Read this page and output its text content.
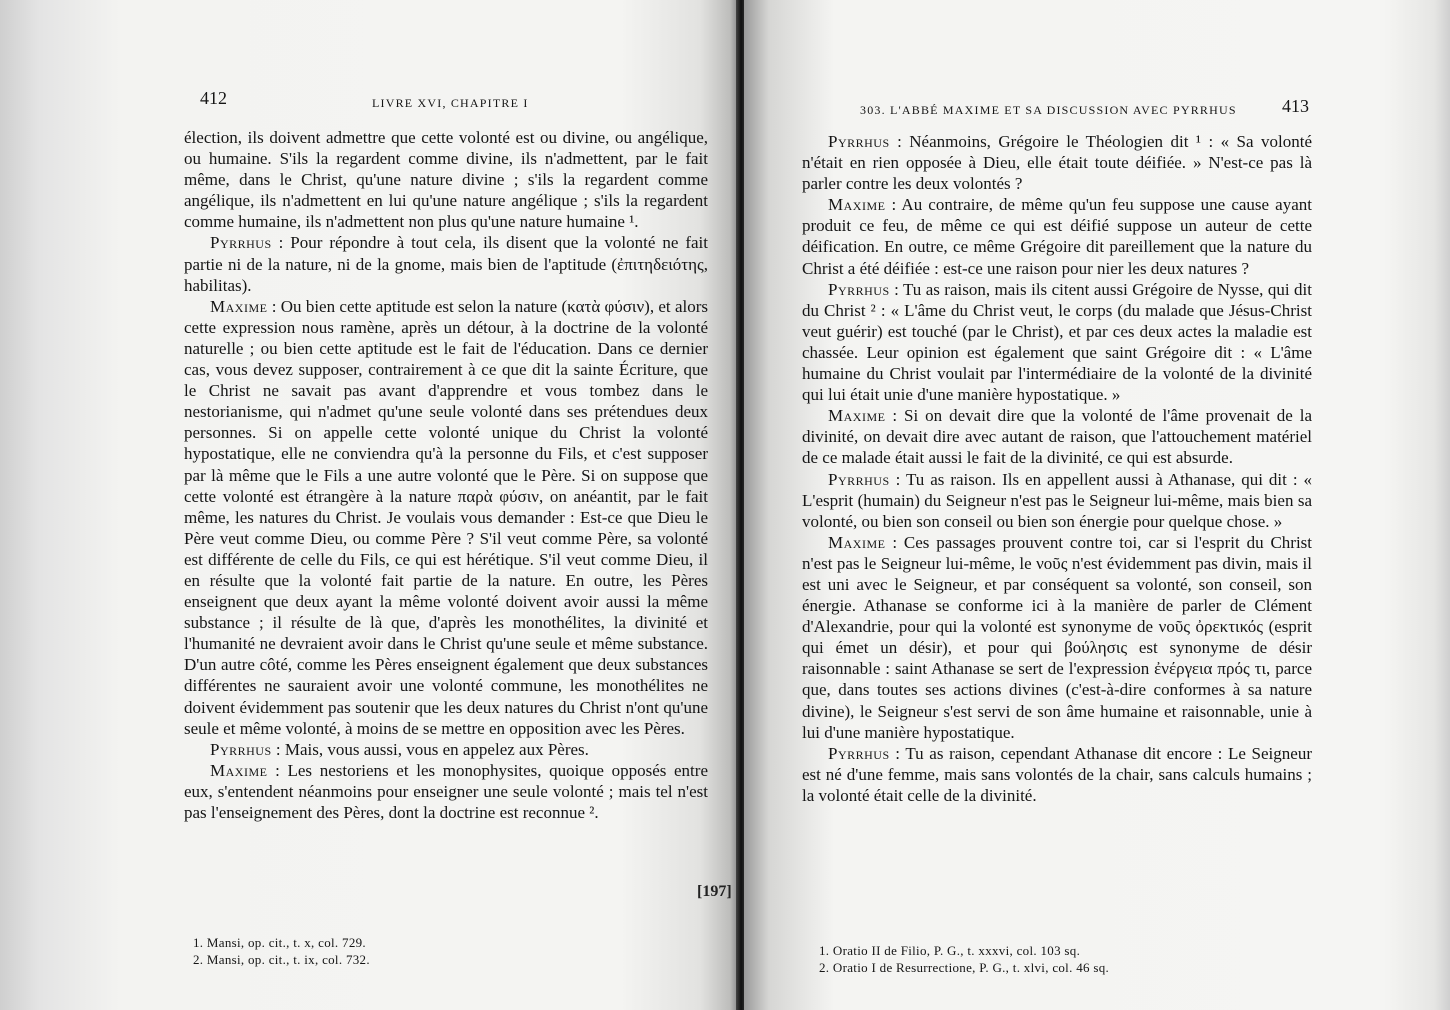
412	LIVRE XVI, CHAPITRE I

élection, ils doivent admettre que cette volonté est ou divine, ou angélique, ou humaine. S'ils la regardent comme divine, ils n'admettent, par le fait même, dans le Christ, qu'une nature divine ; s'ils la regardent comme angélique, ils n'admettent en lui qu'une nature angélique ; s'ils la regardent comme humaine, ils n'admettent non plus qu'une nature humaine ¹.

Pyrrhus : Pour répondre à tout cela, ils disent que la volonté ne fait partie ni de la nature, ni de la gnome, mais bien de l'aptitude (ἐπιτηδειότης, habilitas).

Maxime : Ou bien cette aptitude est selon la nature (κατὰ φύσιν), et alors cette expression nous ramène, après un détour, à la doctrine de la volonté naturelle ; ou bien cette aptitude est le fait de l'éducation. Dans ce dernier cas, vous devez supposer, contrairement à ce que dit la sainte Écriture, que le Christ ne savait pas avant d'apprendre et vous tombez dans le nestorianisme, qui n'admet qu'une seule volonté dans ses prétendues deux personnes. Si on appelle cette volonté unique du Christ la volonté hypostatique, elle ne conviendra qu'à la personne du Fils, et c'est supposer par là même que le Fils a une autre volonté que le Père. Si on suppose que cette volonté est étrangère à la nature παρὰ φύσιν, on anéantit, par le fait même, les natures du Christ. Je voulais vous demander : Est-ce que Dieu le Père veut comme Dieu, ou comme Père ? S'il veut comme Père, sa volonté est différente de celle du Fils, ce qui est hérétique. S'il veut comme Dieu, il en résulte que la volonté fait partie de la nature. En outre, les Pères enseignent que deux ayant la même volonté doivent avoir aussi la même substance ; il résulte de là que, d'après les monothélites, la divinité et l'humanité ne devraient avoir dans le Christ qu'une seule et même substance. D'un autre côté, comme les Pères enseignent également que deux substances différentes ne sauraient avoir une volonté commune, les monothélites ne doivent évidemment pas soutenir que les deux natures du Christ n'ont qu'une seule et même volonté, à moins de se mettre en opposition avec les Pères.

Pyrrhus : Mais, vous aussi, vous en appelez aux Pères.

Maxime : Les nestoriens et les monophysites, quoique opposés entre eux, s'entendent néanmoins pour enseigner une seule volonté ; mais tel n'est pas l'enseignement des Pères, dont la doctrine est reconnue ².

[197]
1. Mansi, op. cit., t. x, col. 729.
2. Mansi, op. cit., t. ix, col. 732.
303. L'ABBÉ MAXIME ET SA DISCUSSION AVEC PYRRHUS	413

Pyrrhus : Néanmoins, Grégoire le Théologien dit ¹ : « Sa volonté n'était en rien opposée à Dieu, elle était toute déifiée. » N'est-ce pas là parler contre les deux volontés ?

Maxime : Au contraire, de même qu'un feu suppose une cause ayant produit ce feu, de même ce qui est déifié suppose un auteur de cette déification. En outre, ce même Grégoire dit pareillement que la nature du Christ a été déifiée : est-ce une raison pour nier les deux natures ?

Pyrrhus : Tu as raison, mais ils citent aussi Grégoire de Nysse, qui dit du Christ ² : « L'âme du Christ veut, le corps (du malade que Jésus-Christ veut guérir) est touché (par le Christ), et par ces deux actes la maladie est chassée. Leur opinion est également que saint Grégoire dit : « L'âme humaine du Christ voulait par l'intermédiaire de la volonté de la divinité qui lui était unie d'une manière hypostatique. »

Maxime : Si on devait dire que la volonté de l'âme provenait de la divinité, on devait dire avec autant de raison, que l'attouchement matériel de ce malade était aussi le fait de la divinité, ce qui est absurde.

Pyrrhus : Tu as raison. Ils en appellent aussi à Athanase, qui dit : « L'esprit (humain) du Seigneur n'est pas le Seigneur lui-même, mais bien sa volonté, ou bien son conseil ou bien son énergie pour quelque chose. »

Maxime : Ces passages prouvent contre toi, car si l'esprit du Christ n'est pas le Seigneur lui-même, le νοῦς n'est évidemment pas divin, mais il est uni avec le Seigneur, et par conséquent sa volonté, son conseil, son énergie. Athanase se conforme ici à la manière de parler de Clément d'Alexandrie, pour qui la volonté est synonyme de νοῦς ὀρεκτικός (esprit qui émet un désir), et pour qui βούλησις est synonyme de désir raisonnable : saint Athanase se sert de l'expression ἐνέργεια πρός τι, parce que, dans toutes ses actions divines (c'est-à-dire conformes à sa nature divine), le Seigneur s'est servi de son âme humaine et raisonnable, unie à lui d'une manière hypostatique.

Pyrrhus : Tu as raison, cependant Athanase dit encore : Le Seigneur est né d'une femme, mais sans volontés de la chair, sans calculs humains ; la volonté était celle de la divinité.

1. Oratio II de Filio, P. G., t. xxxvi, col. 103 sq.
2. Oratio I de Resurrectione, P. G., t. xlvi, col. 46 sq.
